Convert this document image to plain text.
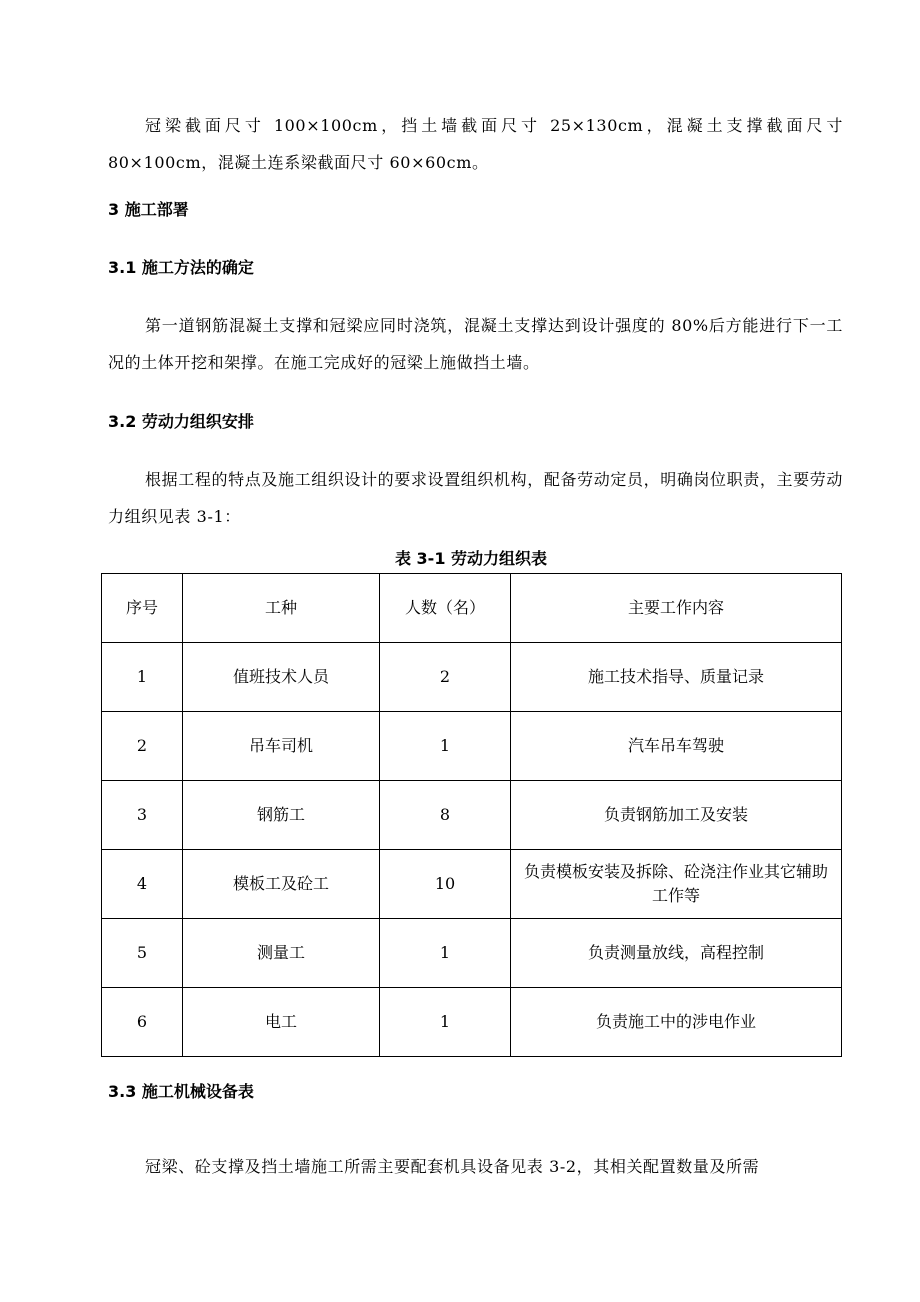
冠梁截面尺寸 100×100cm，挡土墙截面尺寸 25×130cm，混凝土支撑截面尺寸 80×100cm，混凝土连系梁截面尺寸 60×60cm。

3 施工部署

3.1 施工方法的确定

第一道钢筋混凝土支撑和冠梁应同时浇筑，混凝土支撑达到设计强度的 80%后方能进行下一工况的土体开挖和架撑。在施工完成好的冠梁上施做挡土墙。

3.2 劳动力组织安排

根据工程的特点及施工组织设计的要求设置组织机构，配备劳动定员，明确岗位职责，主要劳动力组织见表 3-1：

表 3-1 劳动力组织表

序号	工种	人数（名）	主要工作内容
1	值班技术人员	2	施工技术指导、质量记录
2	吊车司机	1	汽车吊车驾驶
3	钢筋工	8	负责钢筋加工及安装
4	模板工及砼工	10	负责模板安装及拆除、砼浇注作业其它辅助工作等
5	测量工	1	负责测量放线，高程控制
6	电工	1	负责施工中的涉电作业

3.3 施工机械设备表

冠梁、砼支撑及挡土墙施工所需主要配套机具设备见表 3-2，其相关配置数量及所需
